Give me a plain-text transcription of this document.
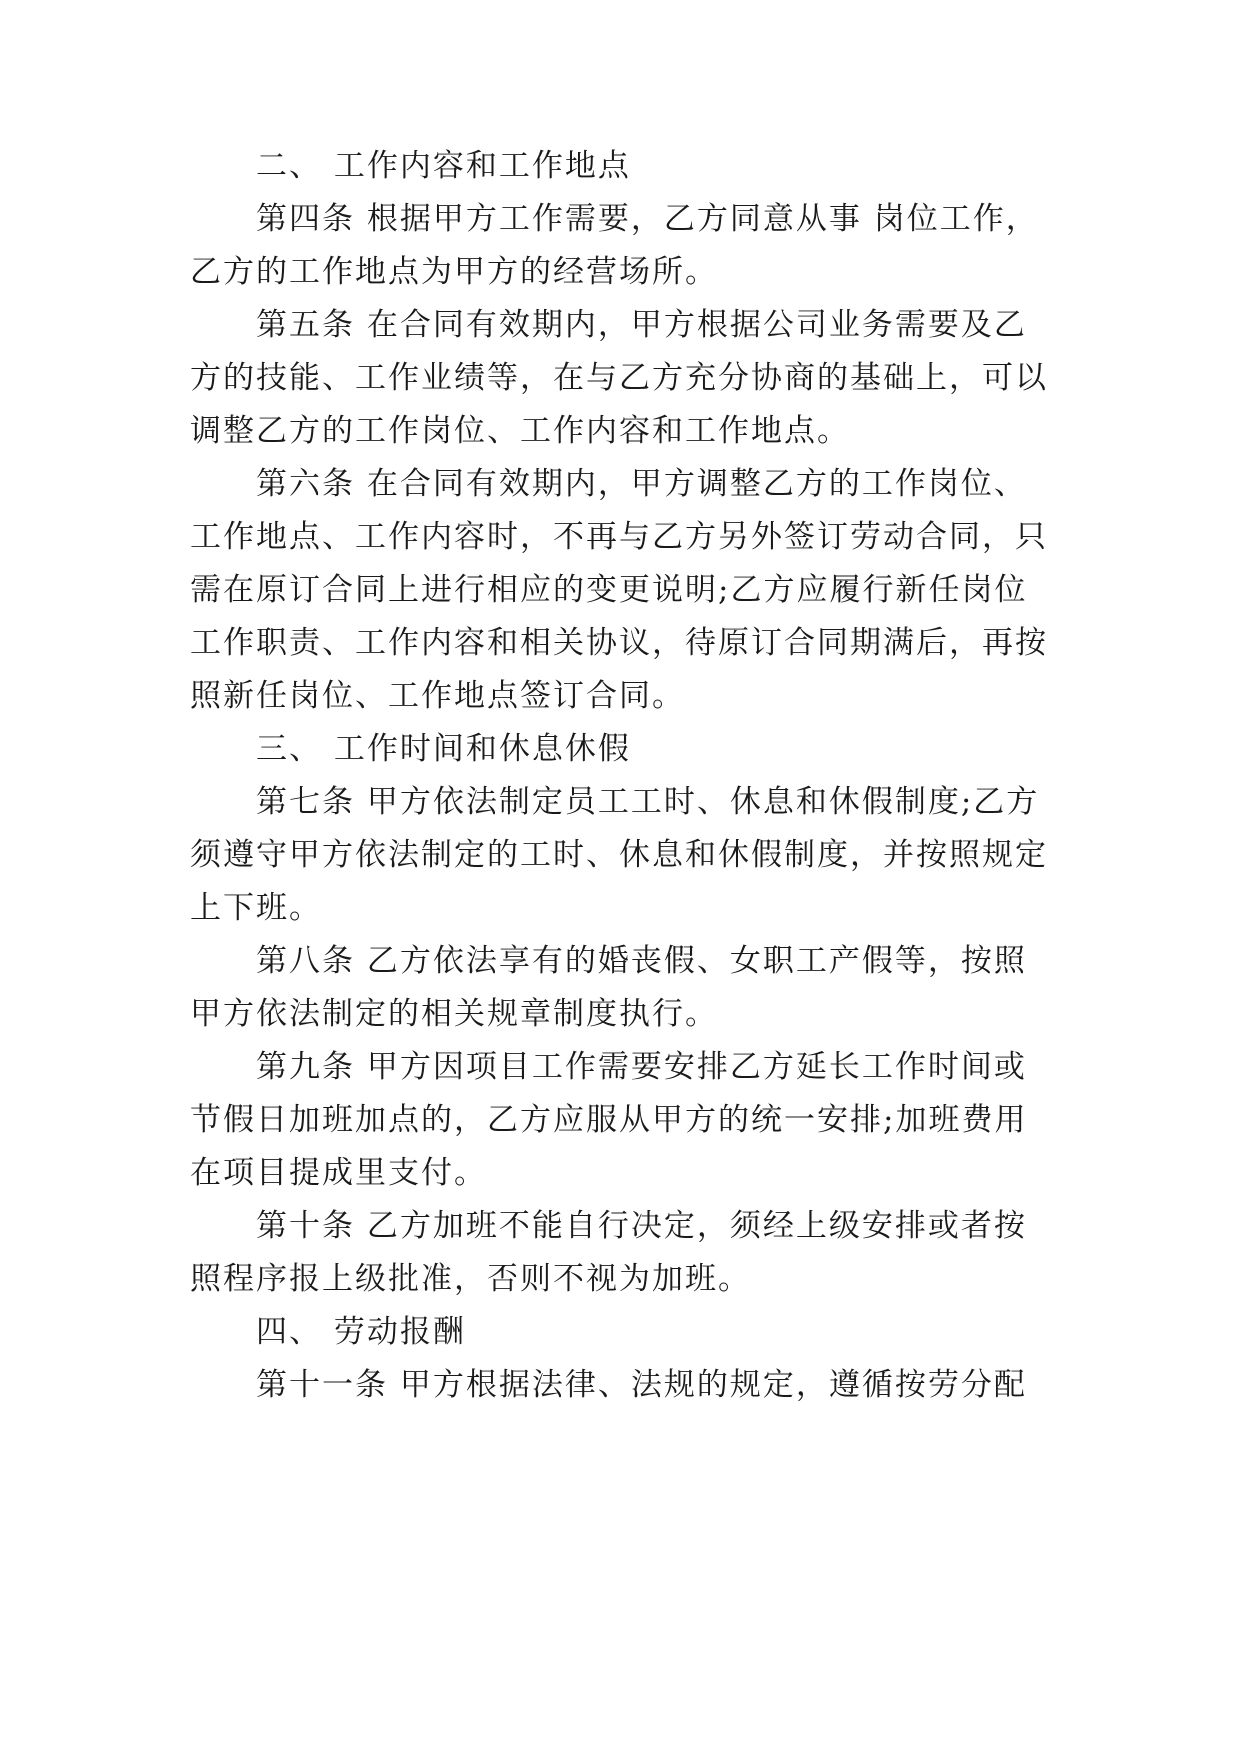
二、 工作内容和工作地点
第四条 根据甲方工作需要，乙方同意从事 岗位工作，
乙方的工作地点为甲方的经营场所。
第五条 在合同有效期内，甲方根据公司业务需要及乙
方的技能、工作业绩等，在与乙方充分协商的基础上，可以
调整乙方的工作岗位、工作内容和工作地点。
第六条 在合同有效期内，甲方调整乙方的工作岗位、
工作地点、工作内容时，不再与乙方另外签订劳动合同，只
需在原订合同上进行相应的变更说明;乙方应履行新任岗位
工作职责、工作内容和相关协议，待原订合同期满后，再按
照新任岗位、工作地点签订合同。
三、 工作时间和休息休假
第七条 甲方依法制定员工工时、休息和休假制度;乙方
须遵守甲方依法制定的工时、休息和休假制度，并按照规定
上下班。
第八条 乙方依法享有的婚丧假、女职工产假等，按照
甲方依法制定的相关规章制度执行。
第九条 甲方因项目工作需要安排乙方延长工作时间或
节假日加班加点的，乙方应服从甲方的统一安排;加班费用
在项目提成里支付。
第十条 乙方加班不能自行决定，须经上级安排或者按
照程序报上级批准，否则不视为加班。
四、 劳动报酬
第十一条 甲方根据法律、法规的规定，遵循按劳分配
